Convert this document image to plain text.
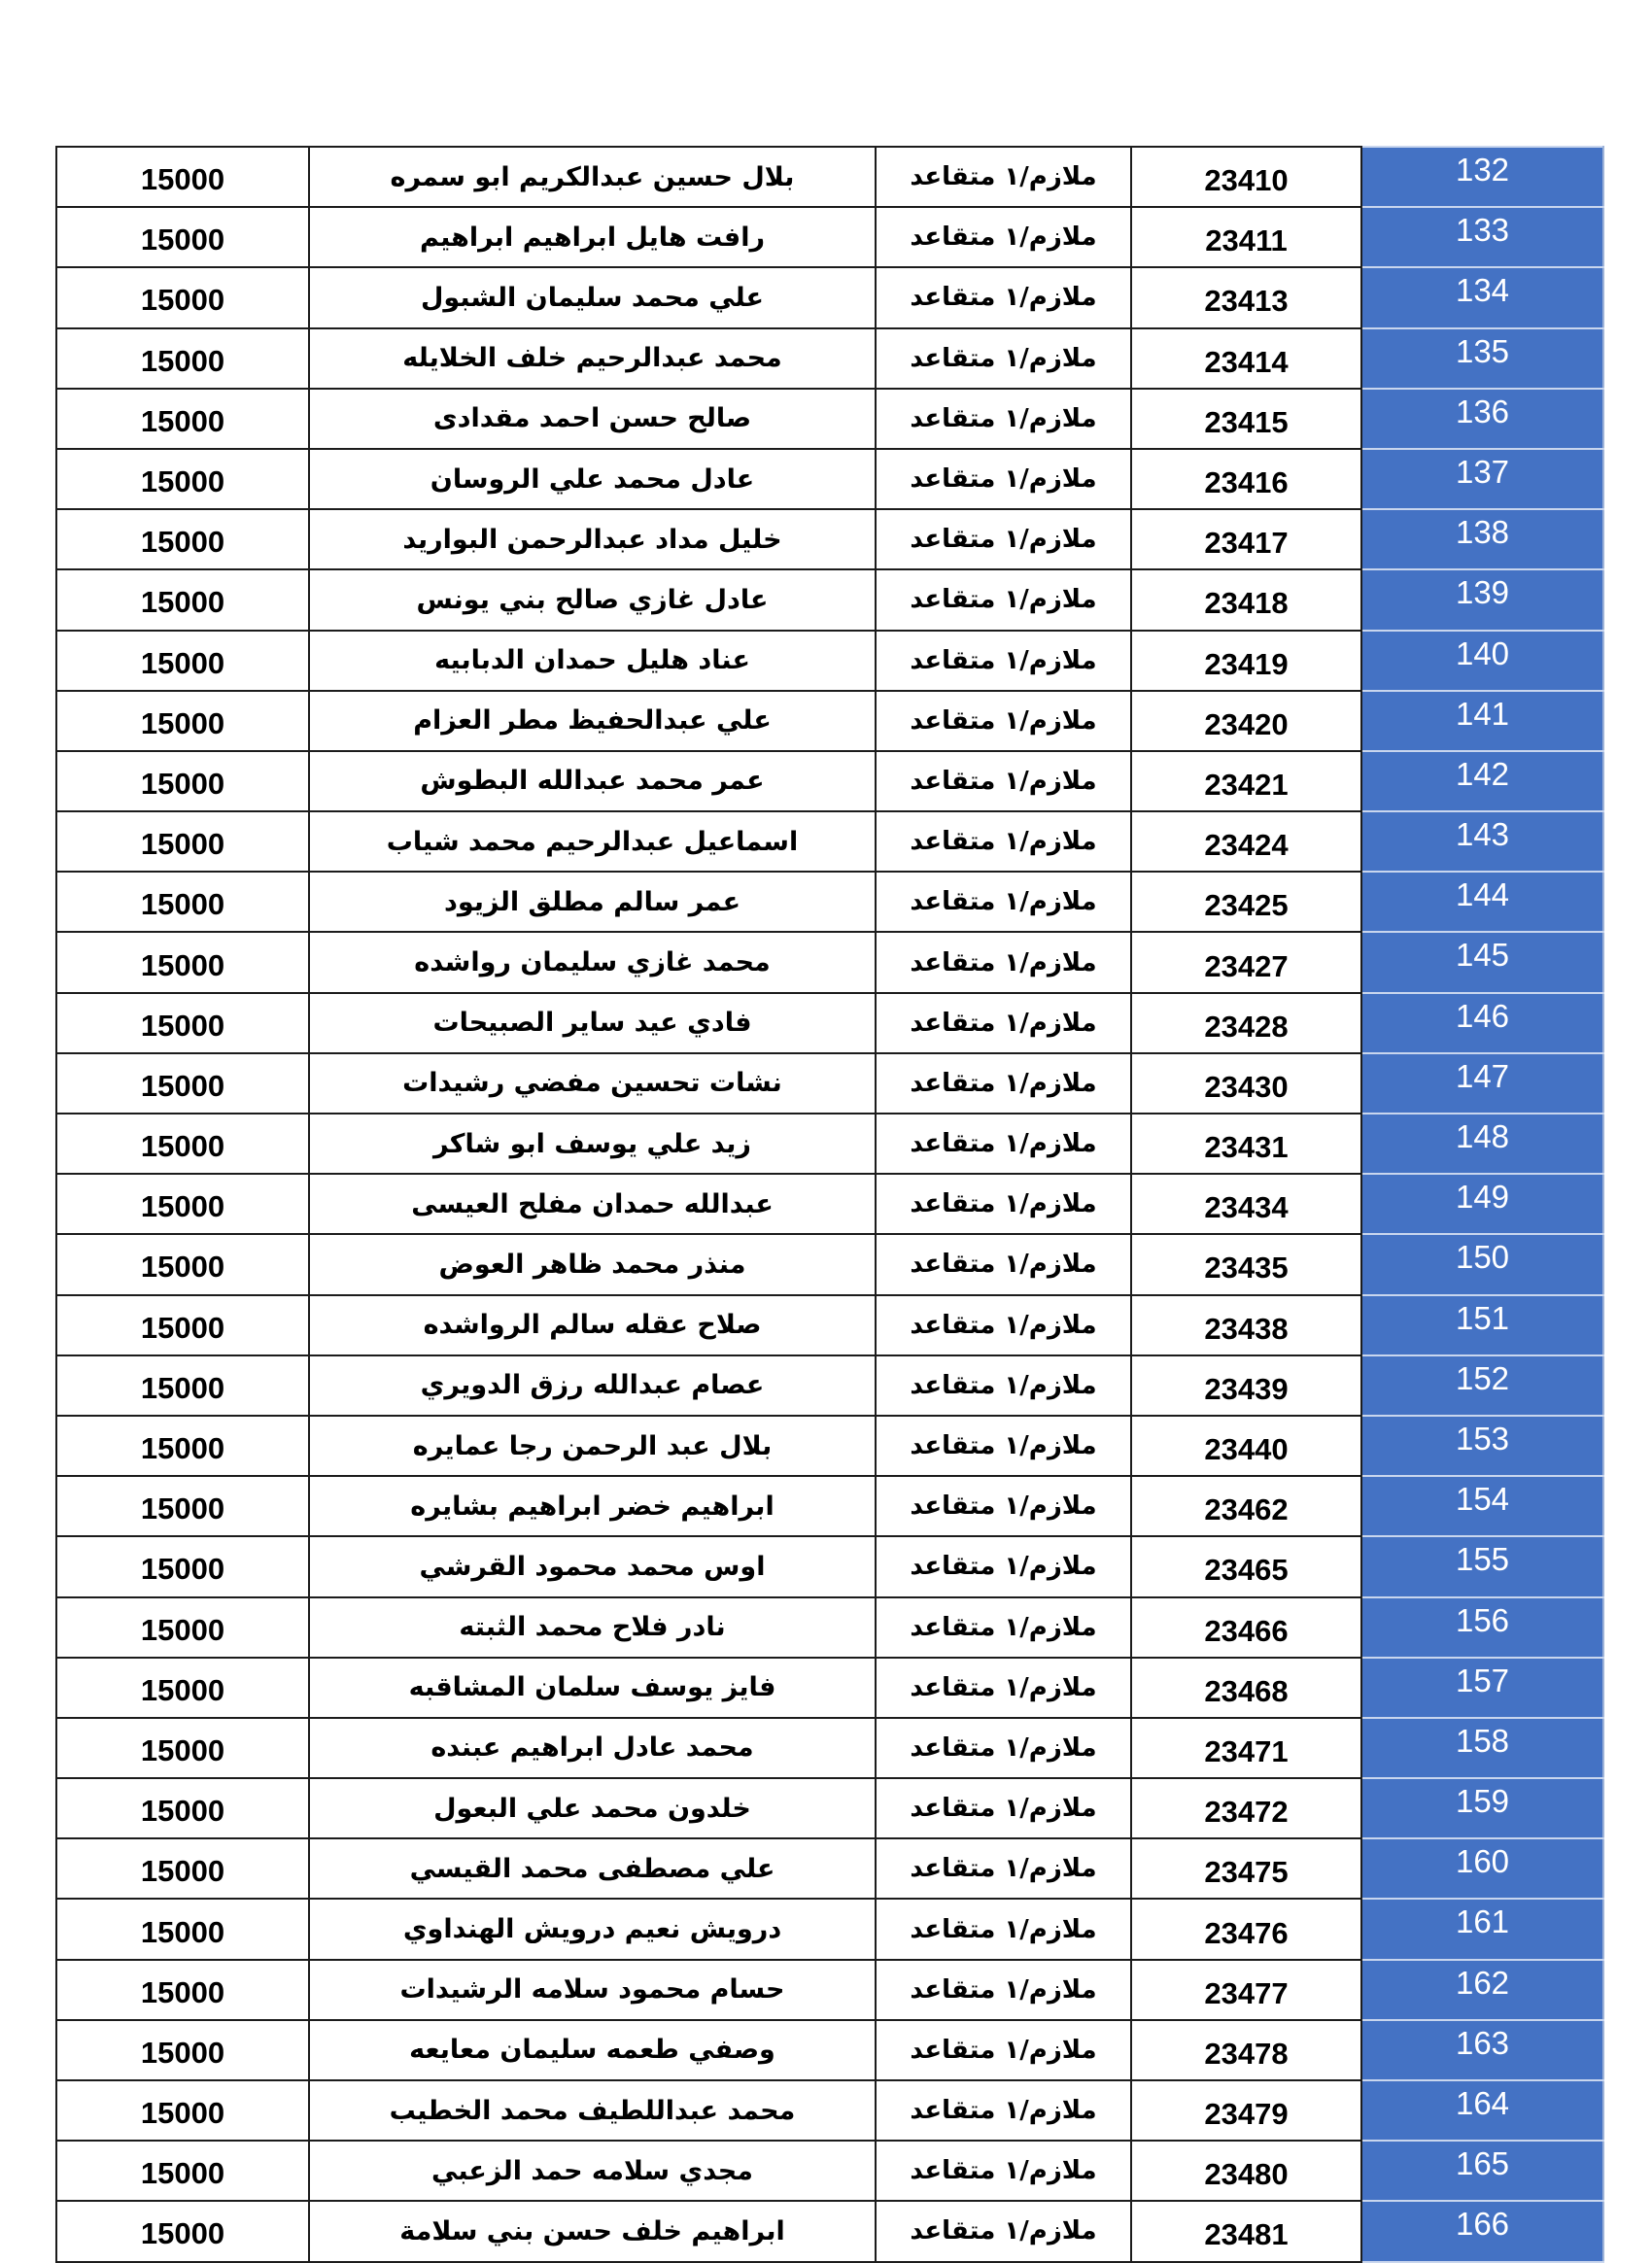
15000	بلال حسين عبدالكريم ابو سمره	ملازم/١ متقاعد	23410	132
15000	رافت هايل ابراهيم ابراهيم	ملازم/١ متقاعد	23411	133
15000	علي محمد سليمان الشبول	ملازم/١ متقاعد	23413	134
15000	محمد عبدالرحيم خلف الخلايله	ملازم/١ متقاعد	23414	135
15000	صالح حسن احمد مقدادى	ملازم/١ متقاعد	23415	136
15000	عادل محمد علي الروسان	ملازم/١ متقاعد	23416	137
15000	خليل مداد عبدالرحمن البواريد	ملازم/١ متقاعد	23417	138
15000	عادل غازي صالح بني يونس	ملازم/١ متقاعد	23418	139
15000	عناد هليل حمدان الدبابيه	ملازم/١ متقاعد	23419	140
15000	علي عبدالحفيظ مطر العزام	ملازم/١ متقاعد	23420	141
15000	عمر محمد عبدالله البطوش	ملازم/١ متقاعد	23421	142
15000	اسماعيل عبدالرحيم محمد شياب	ملازم/١ متقاعد	23424	143
15000	عمر سالم مطلق الزيود	ملازم/١ متقاعد	23425	144
15000	محمد غازي سليمان رواشده	ملازم/١ متقاعد	23427	145
15000	فادي عيد ساير الصبيحات	ملازم/١ متقاعد	23428	146
15000	نشات تحسين مفضي رشيدات	ملازم/١ متقاعد	23430	147
15000	زيد علي يوسف ابو شاكر	ملازم/١ متقاعد	23431	148
15000	عبدالله حمدان مفلح العيسى	ملازم/١ متقاعد	23434	149
15000	منذر محمد ظاهر العوض	ملازم/١ متقاعد	23435	150
15000	صلاح عقله سالم الرواشده	ملازم/١ متقاعد	23438	151
15000	عصام عبدالله رزق الدويري	ملازم/١ متقاعد	23439	152
15000	بلال عبد الرحمن رجا عمايره	ملازم/١ متقاعد	23440	153
15000	ابراهيم خضر ابراهيم بشايره	ملازم/١ متقاعد	23462	154
15000	اوس محمد محمود القرشي	ملازم/١ متقاعد	23465	155
15000	نادر فلاح محمد الثبته	ملازم/١ متقاعد	23466	156
15000	فايز يوسف سلمان المشاقبه	ملازم/١ متقاعد	23468	157
15000	محمد عادل ابراهيم عبنده	ملازم/١ متقاعد	23471	158
15000	خلدون محمد علي البعول	ملازم/١ متقاعد	23472	159
15000	علي مصطفى محمد القيسي	ملازم/١ متقاعد	23475	160
15000	درويش نعيم درويش الهنداوي	ملازم/١ متقاعد	23476	161
15000	حسام محمود سلامه الرشيدات	ملازم/١ متقاعد	23477	162
15000	وصفي طعمه سليمان معايعه	ملازم/١ متقاعد	23478	163
15000	محمد عبداللطيف محمد الخطيب	ملازم/١ متقاعد	23479	164
15000	مجدي سلامه حمد الزعبي	ملازم/١ متقاعد	23480	165
15000	ابراهيم خلف حسن بني سلامة	ملازم/١ متقاعد	23481	166
